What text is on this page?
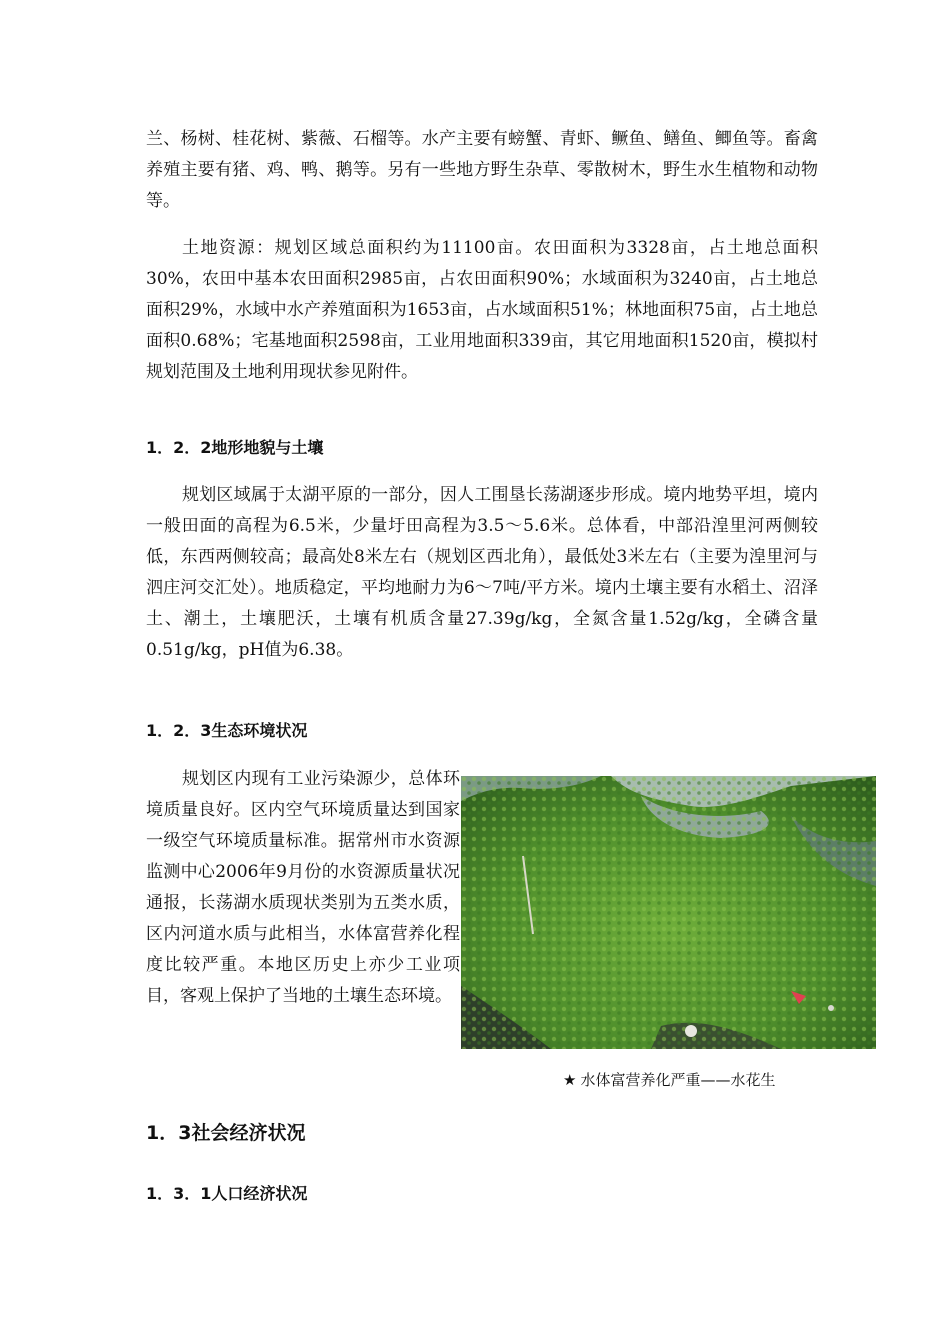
兰、杨树、桂花树、紫薇、石榴等。水产主要有螃蟹、青虾、鳜鱼、鳝鱼、鲫鱼等。畜禽养殖主要有猪、鸡、鸭、鹅等。另有一些地方野生杂草、零散树木，野生水生植物和动物等。

土地资源：规划区域总面积约为11100亩。农田面积为3328亩，占土地总面积30%，农田中基本农田面积2985亩，占农田面积90%；水域面积为3240亩，占土地总面积29%，水域中水产养殖面积为1653亩，占水域面积51%；林地面积75亩，占土地总面积0.68%；宅基地面积2598亩，工业用地面积339亩，其它用地面积1520亩，模拟村规划范围及土地利用现状参见附件。

1．2．2地形地貌与土壤

规划区域属于太湖平原的一部分，因人工围垦长荡湖逐步形成。境内地势平坦，境内一般田面的高程为6.5米，少量圩田高程为3.5～5.6米。总体看，中部沿湟里河两侧较低，东西两侧较高；最高处8米左右（规划区西北角），最低处3米左右（主要为湟里河与泗庄河交汇处）。地质稳定，平均地耐力为6～7吨/平方米。境内土壤主要有水稻土、沼泽土、潮土，土壤肥沃，土壤有机质含量27.39g/kg，全氮含量1.52g/kg，全磷含量0.51g/kg，pH值为6.38。

1．2．3生态环境状况

规划区内现有工业污染源少，总体环境质量良好。区内空气环境质量达到国家一级空气环境质量标准。据常州市水资源监测中心2006年9月份的水资源质量状况通报，长荡湖水质现状类别为五类水质，区内河道水质与此相当，水体富营养化程度比较严重。本地区历史上亦少工业项目，客观上保护了当地的土壤生态环境。

★ 水体富营养化严重——水花生
1．3社会经济状况
1．3．1人口经济状况
